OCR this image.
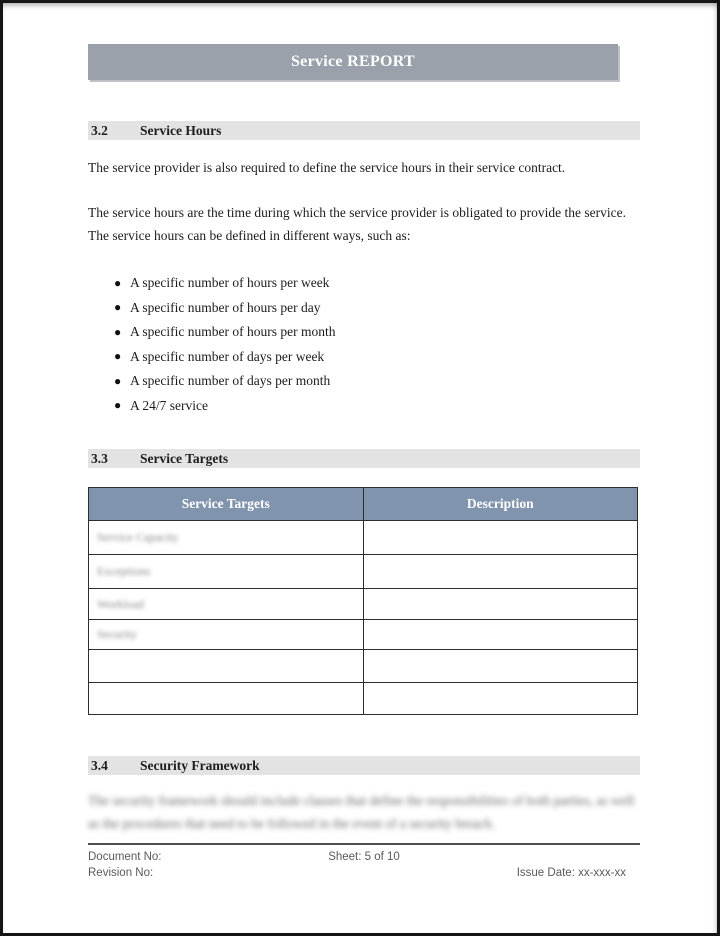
Service REPORT
3.2	Service Hours
The service provider is also required to define the service hours in their service contract.
The service hours are the time during which the service provider is obligated to provide the service. The service hours can be defined in different ways, such as:
● A specific number of hours per week
● A specific number of hours per day
● A specific number of hours per month
● A specific number of days per week
● A specific number of days per month
● A 24/7 service
3.3	Service Targets
Service Targets	Description
Service Capacity	
Exceptions	
Workload	
Security	

3.4	Security Framework
The security framework should include clauses that define the responsibilities of both parties, as well as the procedures that need to be followed in the event of a security breach.
Document No:	Sheet: 5 of 10
Revision No:	Issue Date: xx-xxx-xx
